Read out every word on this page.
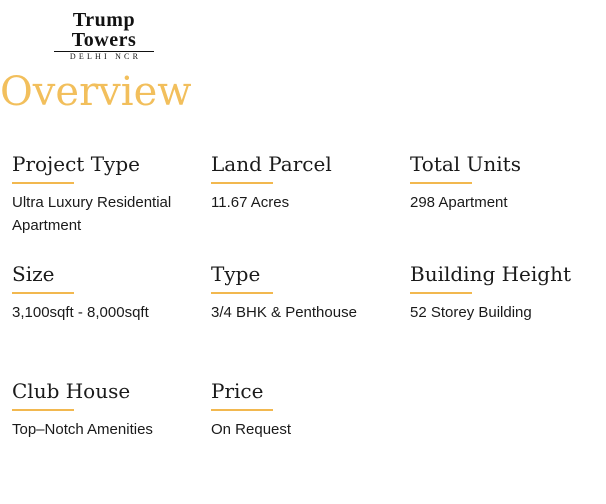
Trump
Towers
DELHI NCR
Overview
Project Type
Ultra Luxury Residential Apartment
Land Parcel
11.67 Acres
Total Units
298 Apartment
Size
3,100sqft - 8,000sqft
Type
3/4 BHK & Penthouse
Building Height
52 Storey Building
Club House
Top–Notch Amenities
Price
On Request
